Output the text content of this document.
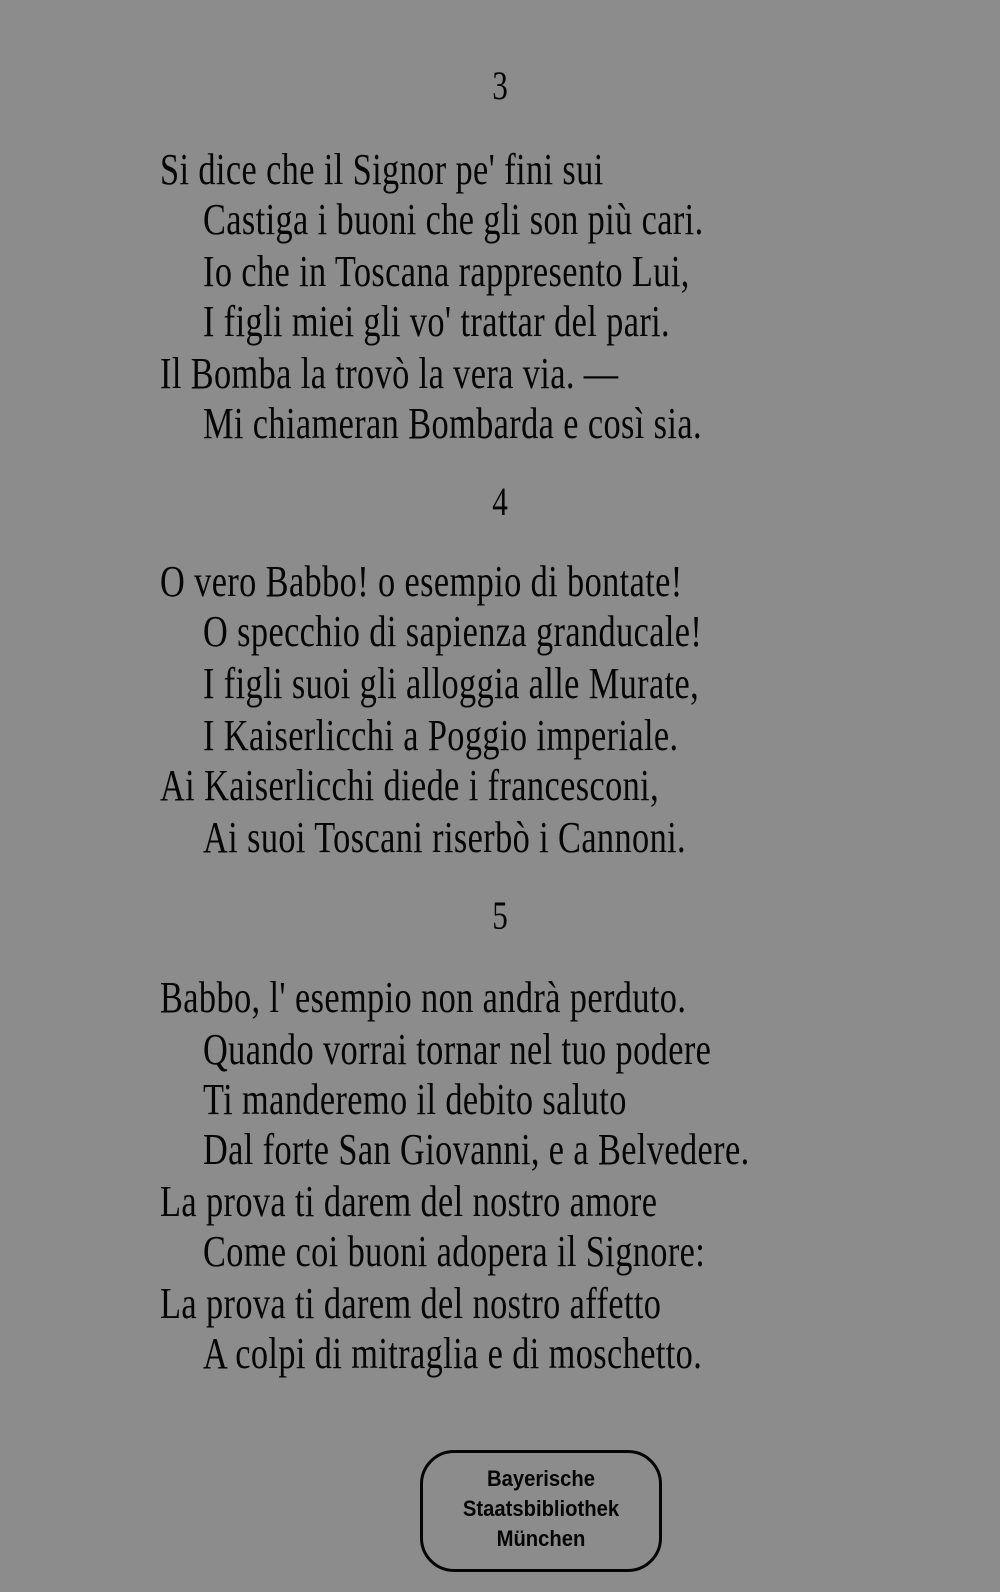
3
Si dice che il Signor pe' fini sui
Castiga i buoni che gli son più cari.
Io che in Toscana rappresento Lui,
I figli miei gli vo' trattar del pari.
Il Bomba la trovò la vera via. —
Mi chiameran Bombarda e così sia.
4
O vero Babbo! o esempio di bontate!
O specchio di sapienza granducale!
I figli suoi gli alloggia alle Murate,
I Kaiserlicchi a Poggio imperiale.
Ai Kaiserlicchi diede i francesconi,
Ai suoi Toscani riserbò i Cannoni.
5
Babbo, l' esempio non andrà perduto.
Quando vorrai tornar nel tuo podere
Ti manderemo il debito saluto
Dal forte San Giovanni, e a Belvedere.
La prova ti darem del nostro amore
Come coi buoni adopera il Signore:
La prova ti darem del nostro affetto
A colpi di mitraglia e di moschetto.
Bayerische
Staatsbibliothek
München
